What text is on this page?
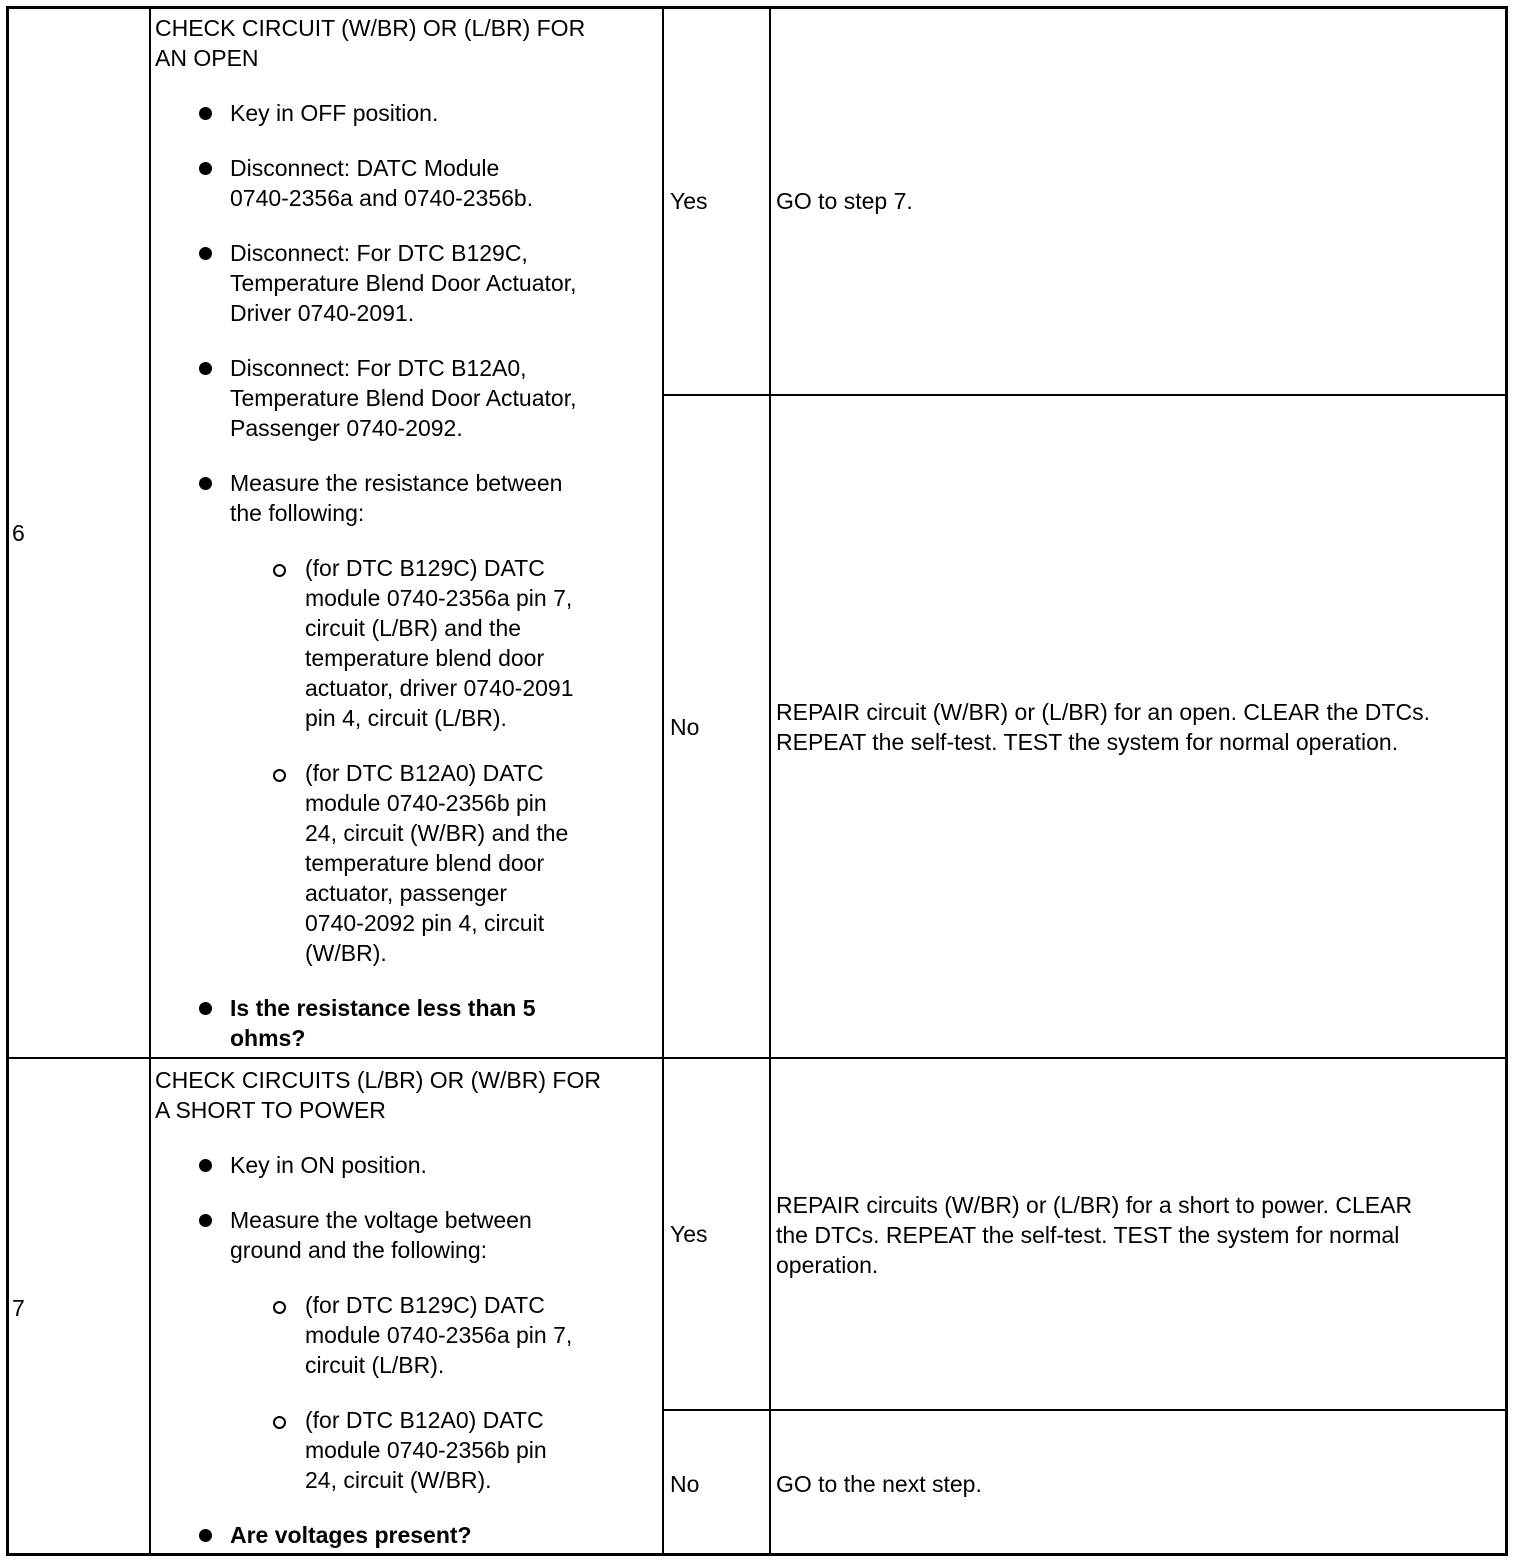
6
CHECK CIRCUIT (W/BR) OR (L/BR) FOR
AN OPEN
Key in OFF position.
Disconnect: DATC Module
0740-2356a and 0740-2356b.
Disconnect: For DTC B129C,
Temperature Blend Door Actuator,
Driver 0740-2091.
Disconnect: For DTC B12A0,
Temperature Blend Door Actuator,
Passenger 0740-2092.
Measure the resistance between
the following:
(for DTC B129C) DATC
module 0740-2356a pin 7,
circuit (L/BR) and the
temperature blend door
actuator, driver 0740-2091
pin 4, circuit (L/BR).
(for DTC B12A0) DATC
module 0740-2356b pin
24, circuit (W/BR) and the
temperature blend door
actuator, passenger
0740-2092 pin 4, circuit
(W/BR).
Is the resistance less than 5
ohms?
Yes	GO to step 7.
No
REPAIR circuit (W/BR) or (L/BR) for an open. CLEAR the DTCs.
REPEAT the self-test. TEST the system for normal operation.
7
CHECK CIRCUITS (L/BR) OR (W/BR) FOR
A SHORT TO POWER
Key in ON position.
Measure the voltage between
ground and the following:
(for DTC B129C) DATC
module 0740-2356a pin 7,
circuit (L/BR).
(for DTC B12A0) DATC
module 0740-2356b pin
24, circuit (W/BR).
Are voltages present?
Yes
REPAIR circuits (W/BR) or (L/BR) for a short to power. CLEAR
the DTCs. REPEAT the self-test. TEST the system for normal
operation.
No	GO to the next step.
